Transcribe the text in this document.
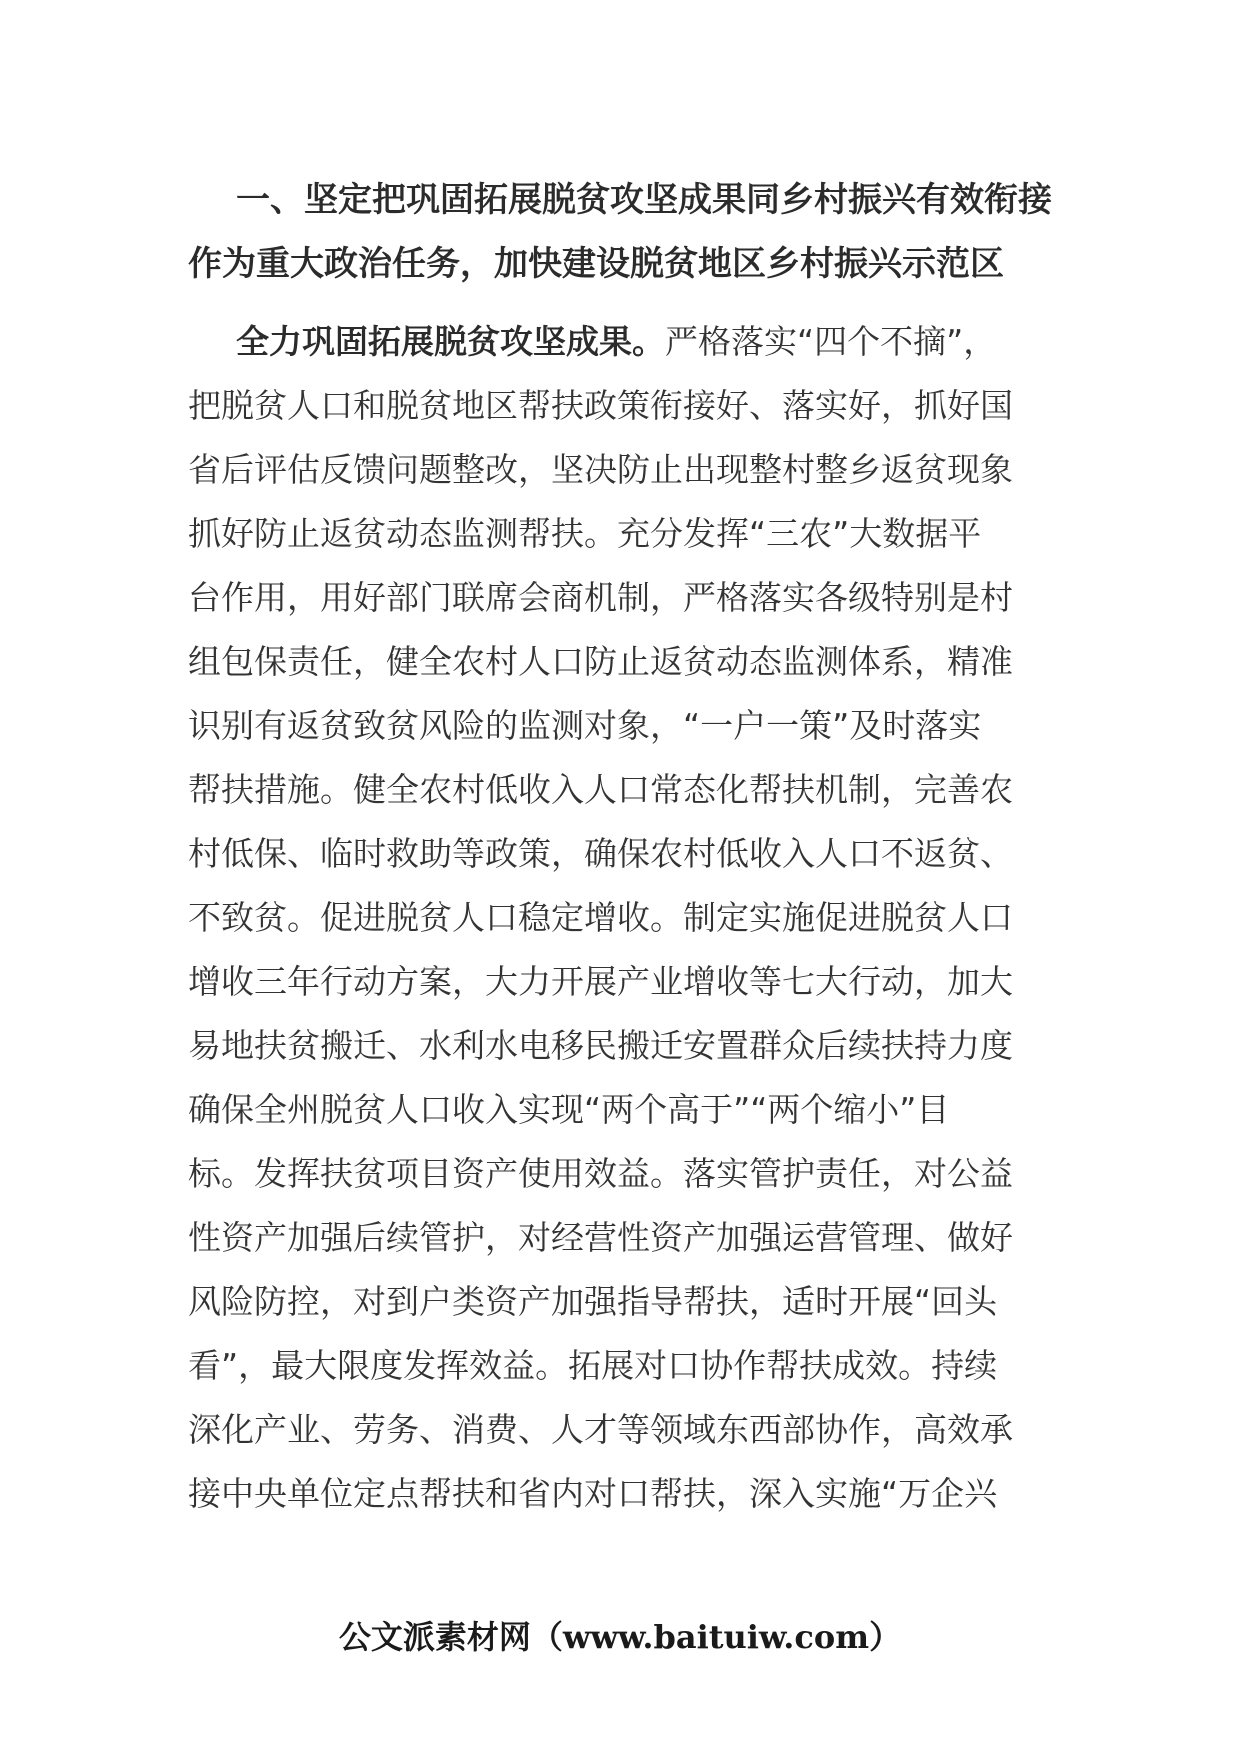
一、坚定把巩固拓展脱贫攻坚成果同乡村振兴有效衔接
作为重大政治任务，加快建设脱贫地区乡村振兴示范区
全力巩固拓展脱贫攻坚成果。严格落实“四个不摘”，
把脱贫人口和脱贫地区帮扶政策衔接好、落实好，抓好国
省后评估反馈问题整改，坚决防止出现整村整乡返贫现象
抓好防止返贫动态监测帮扶。充分发挥“三农”大数据平
台作用，用好部门联席会商机制，严格落实各级特别是村
组包保责任，健全农村人口防止返贫动态监测体系，精准
识别有返贫致贫风险的监测对象，“一户一策”及时落实
帮扶措施。健全农村低收入人口常态化帮扶机制，完善农
村低保、临时救助等政策，确保农村低收入人口不返贫、
不致贫。促进脱贫人口稳定增收。制定实施促进脱贫人口
增收三年行动方案，大力开展产业增收等七大行动，加大
易地扶贫搬迁、水利水电移民搬迁安置群众后续扶持力度
确保全州脱贫人口收入实现“两个高于”“两个缩小”目
标。发挥扶贫项目资产使用效益。落实管护责任，对公益
性资产加强后续管护，对经营性资产加强运营管理、做好
风险防控，对到户类资产加强指导帮扶，适时开展“回头
看”，最大限度发挥效益。拓展对口协作帮扶成效。持续
深化产业、劳务、消费、人才等领域东西部协作，高效承
接中央单位定点帮扶和省内对口帮扶，深入实施“万企兴
公文派素材网（www.baituiw.com）
